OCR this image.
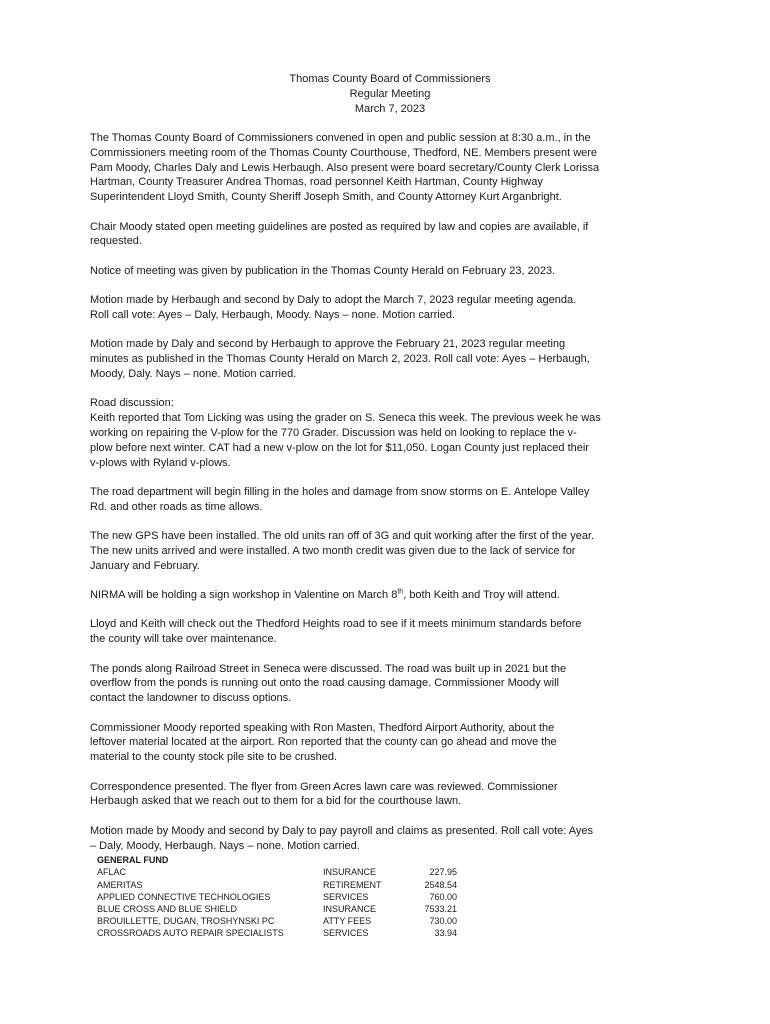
Thomas County Board of Commissioners
Regular Meeting
March 7, 2023

The Thomas County Board of Commissioners convened in open and public session at 8:30 a.m., in the
Commissioners meeting room of the Thomas County Courthouse, Thedford, NE. Members present were
Pam Moody, Charles Daly and Lewis Herbaugh. Also present were board secretary/County Clerk Lorissa
Hartman, County Treasurer Andrea Thomas, road personnel Keith Hartman, County Highway
Superintendent Lloyd Smith, County Sheriff Joseph Smith, and County Attorney Kurt Arganbright.

Chair Moody stated open meeting guidelines are posted as required by law and copies are available, if
requested.

Notice of meeting was given by publication in the Thomas County Herald on February 23, 2023.

Motion made by Herbaugh and second by Daly to adopt the March 7, 2023 regular meeting agenda.
Roll call vote: Ayes – Daly, Herbaugh, Moody. Nays – none. Motion carried.

Motion made by Daly and second by Herbaugh to approve the February 21, 2023 regular meeting
minutes as published in the Thomas County Herald on March 2, 2023. Roll call vote: Ayes – Herbaugh,
Moody, Daly. Nays – none. Motion carried.

Road discussion:
Keith reported that Tom Licking was using the grader on S. Seneca this week. The previous week he was
working on repairing the V-plow for the 770 Grader. Discussion was held on looking to replace the v-
plow before next winter. CAT had a new v-plow on the lot for $11,050. Logan County just replaced their
v-plows with Ryland v-plows.

The road department will begin filling in the holes and damage from snow storms on E. Antelope Valley
Rd. and other roads as time allows.

The new GPS have been installed. The old units ran off of 3G and quit working after the first of the year.
The new units arrived and were installed. A two month credit was given due to the lack of service for
January and February.

NIRMA will be holding a sign workshop in Valentine on March 8th, both Keith and Troy will attend.

Lloyd and Keith will check out the Thedford Heights road to see if it meets minimum standards before
the county will take over maintenance.

The ponds along Railroad Street in Seneca were discussed. The road was built up in 2021 but the
overflow from the ponds is running out onto the road causing damage. Commissioner Moody will
contact the landowner to discuss options.

Commissioner Moody reported speaking with Ron Masten, Thedford Airport Authority, about the
leftover material located at the airport. Ron reported that the county can go ahead and move the
material to the county stock pile site to be crushed.

Correspondence presented. The flyer from Green Acres lawn care was reviewed. Commissioner
Herbaugh asked that we reach out to them for a bid for the courthouse lawn.

Motion made by Moody and second by Daly to pay payroll and claims as presented. Roll call vote: Ayes
– Daly, Moody, Herbaugh. Nays – none. Motion carried.

GENERAL FUND
AFLAC	INSURANCE	227.95
AMERITAS	RETIREMENT	2548.54
APPLIED CONNECTIVE TECHNOLOGIES	SERVICES	760.00
BLUE CROSS AND BLUE SHIELD	INSURANCE	7533.21
BROUILLETTE, DUGAN, TROSHYNSKI PC	ATTY FEES	730.00
CROSSROADS AUTO REPAIR SPECIALISTS	SERVICES	33.94
